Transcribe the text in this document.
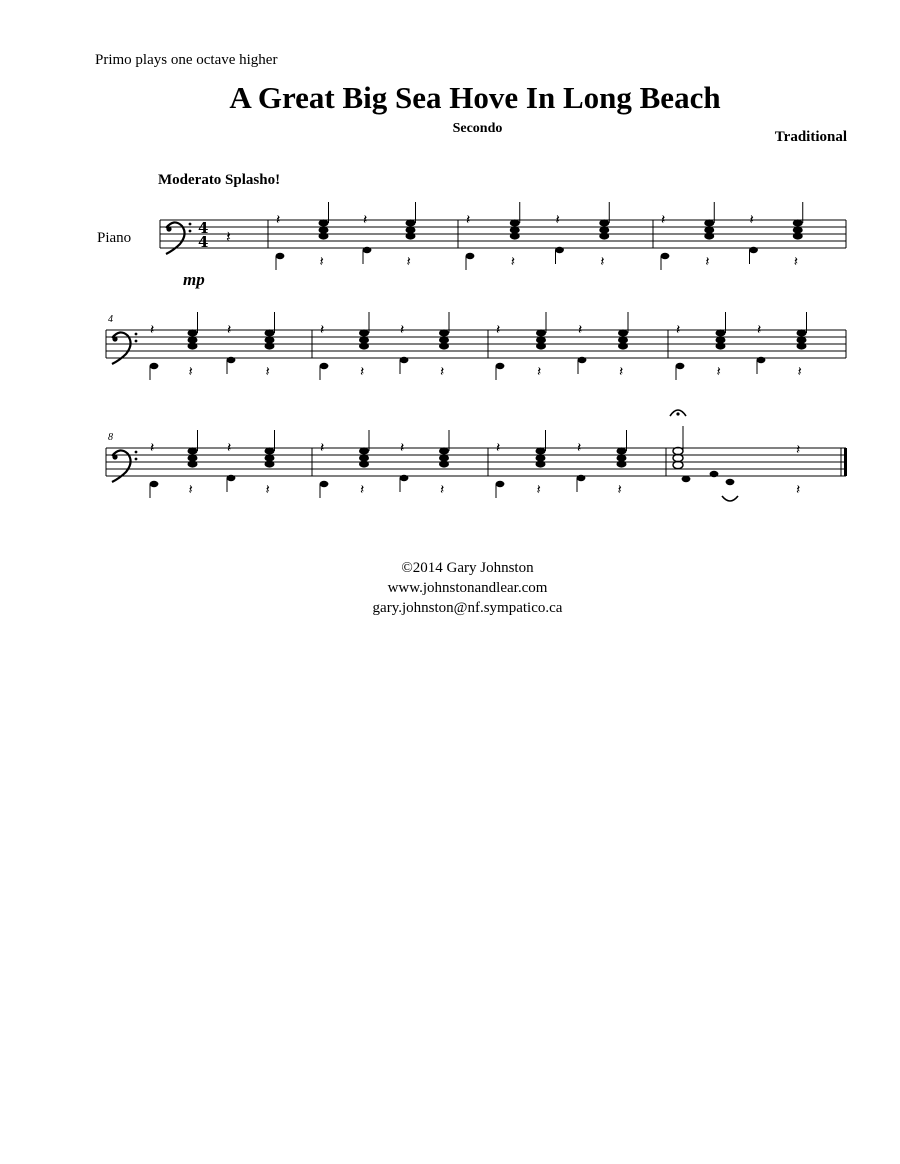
Primo plays one octave higher
A Great Big Sea Hove In Long Beach
Secondo
Traditional
Moderato Splasho!
Piano
mp
4
8
4
4 𝄽
𝄽
𝄽
𝄽
𝄽
𝄽
𝄽
𝄽
𝄽
𝄽
𝄽
𝄽
𝄽
𝄽
𝄽
𝄽
𝄽
𝄽
𝄽
𝄽
𝄽
𝄽
𝄽
𝄽
𝄽
𝄽
𝄽
𝄽
𝄽
𝄽
𝄽
𝄽
𝄽
𝄽
𝄽
𝄽
𝄽
𝄽
𝄽
𝄽
𝄽
𝄽
𝄽
©2014 Gary Johnston
www.johnstonandlear.com
gary.johnston@nf.sympatico.ca
